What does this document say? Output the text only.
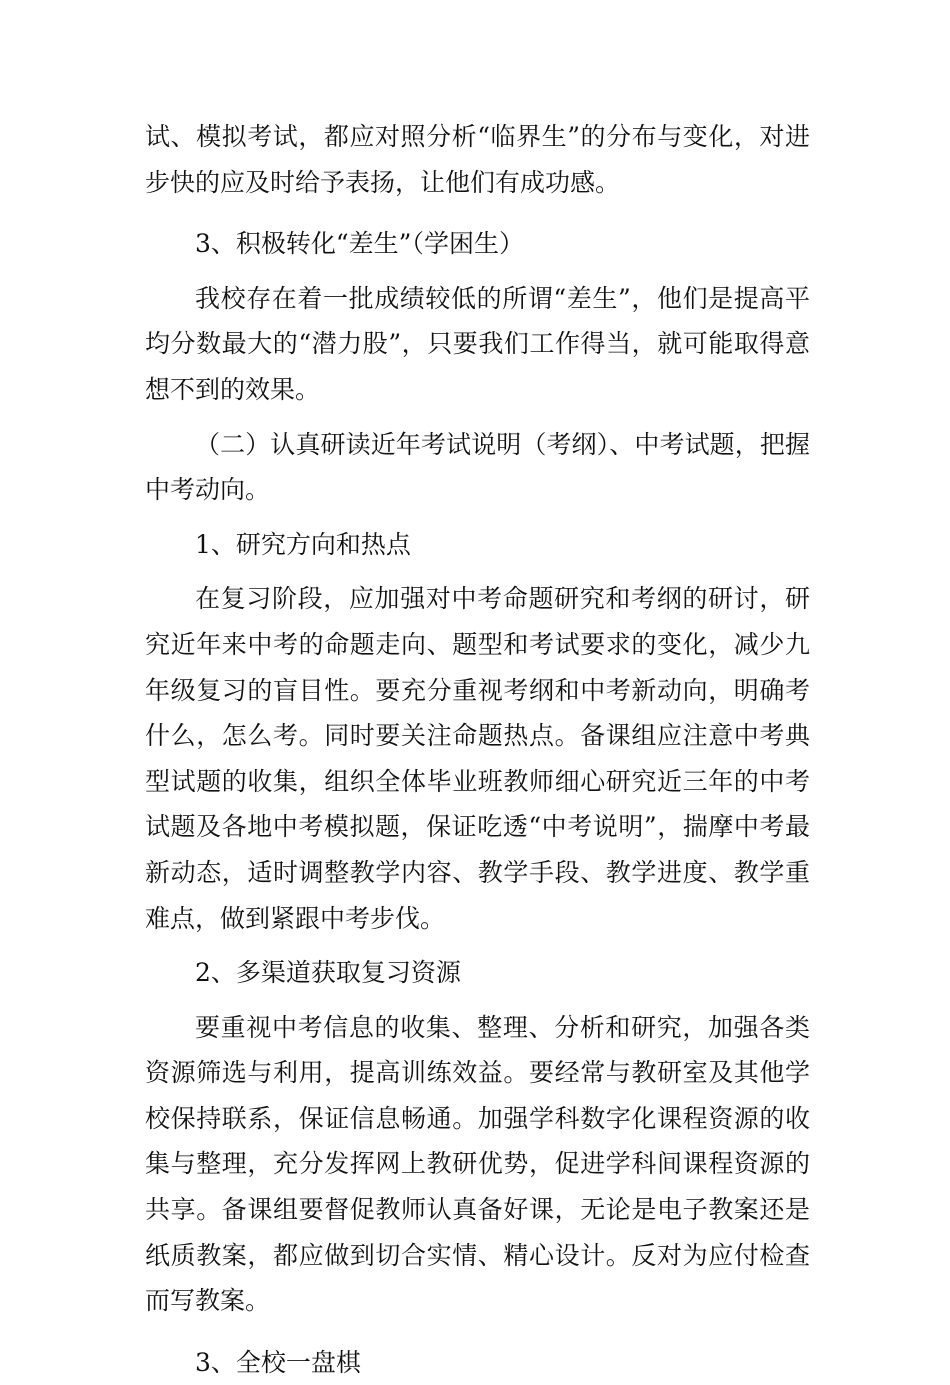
试、模拟考试，都应对照分析“临界生”的分布与变化，对进步快的应及时给予表扬，让他们有成功感。

3、积极转化“差生”（学困生）

我校存在着一批成绩较低的所谓“差生”，他们是提高平均分数最大的“潜力股”，只要我们工作得当，就可能取得意想不到的效果。

（二）认真研读近年考试说明（考纲）、中考试题，把握中考动向。

1、研究方向和热点

在复习阶段，应加强对中考命题研究和考纲的研讨，研究近年来中考的命题走向、题型和考试要求的变化，减少九年级复习的盲目性。要充分重视考纲和中考新动向，明确考什么，怎么考。同时要关注命题热点。备课组应注意中考典型试题的收集，组织全体毕业班教师细心研究近三年的中考试题及各地中考模拟题，保证吃透“中考说明”，揣摩中考最新动态，适时调整教学内容、教学手段、教学进度、教学重难点，做到紧跟中考步伐。

2、多渠道获取复习资源

要重视中考信息的收集、整理、分析和研究，加强各类资源筛选与利用，提高训练效益。要经常与教研室及其他学校保持联系，保证信息畅通。加强学科数字化课程资源的收集与整理，充分发挥网上教研优势，促进学科间课程资源的共享。备课组要督促教师认真备好课，无论是电子教案还是纸质教案，都应做到切合实情、精心设计。反对为应付检查而写教案。

3、全校一盘棋
